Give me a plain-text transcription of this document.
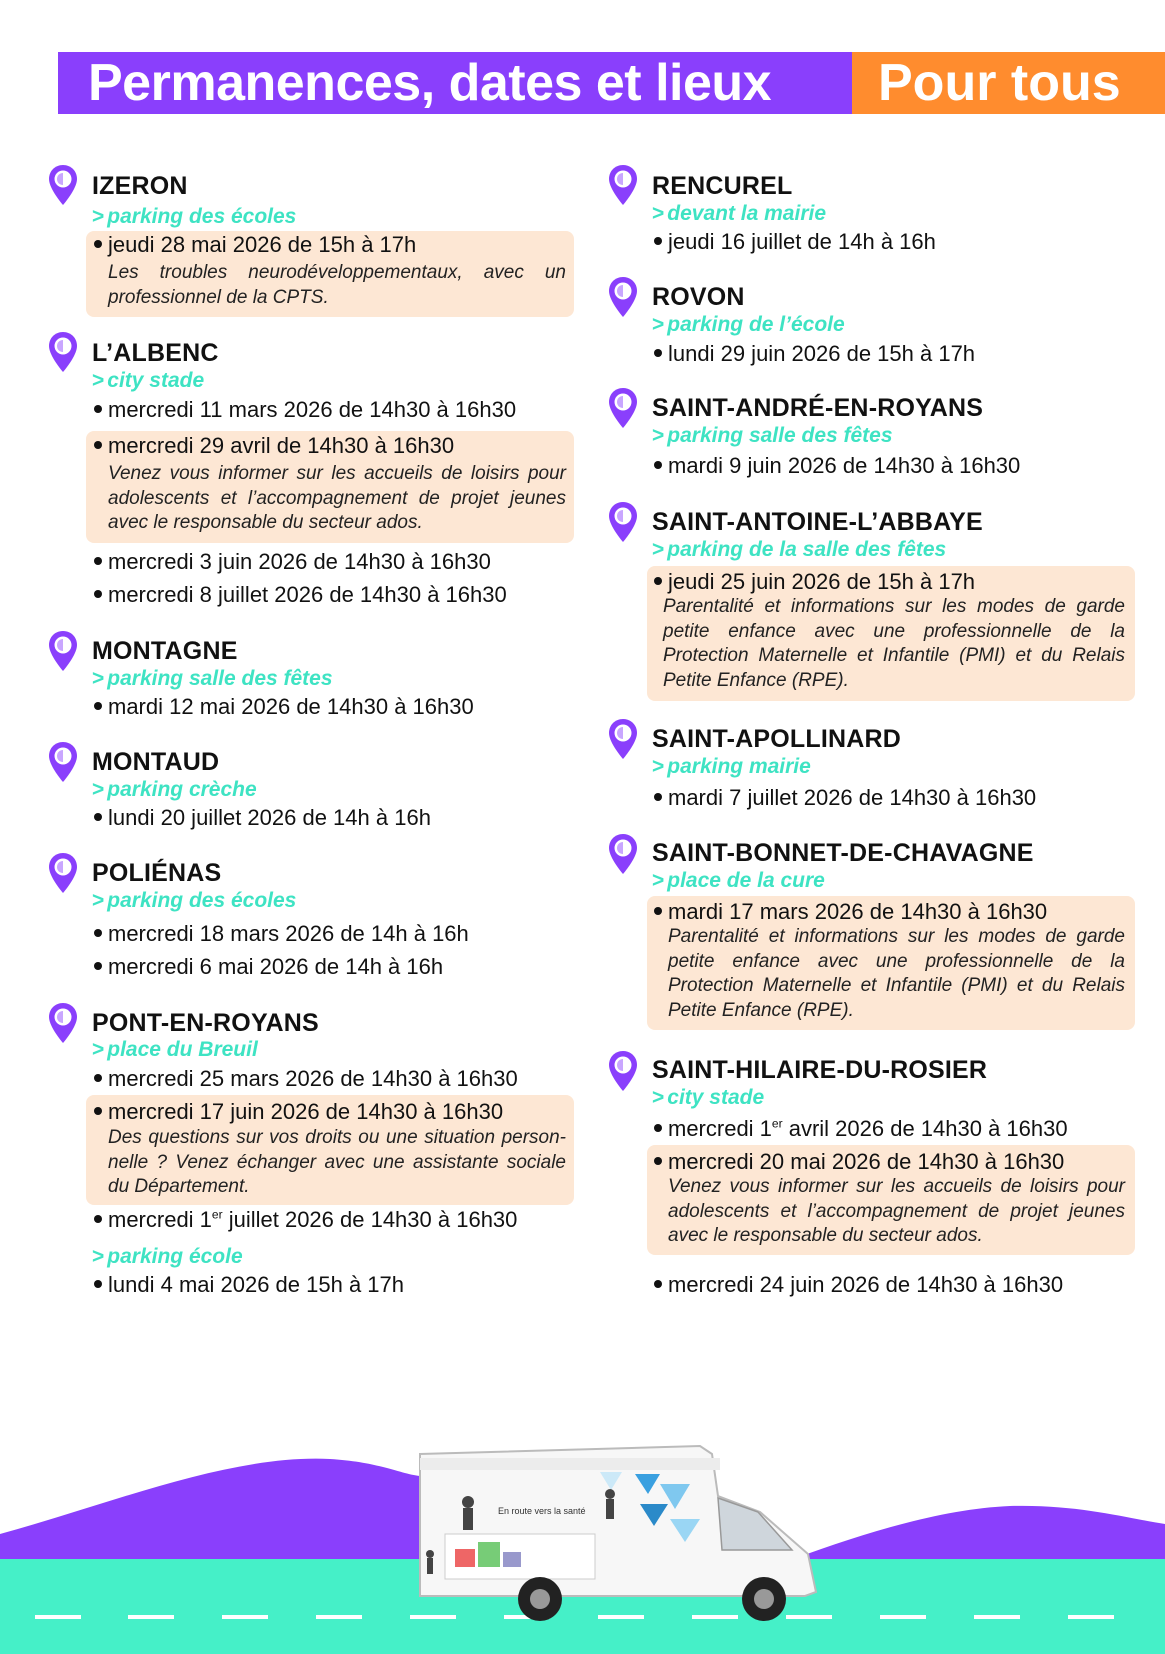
Permanences, dates et lieux	Pour tous
IZERON
> parking des écoles
jeudi 28 mai 2026 de 15h à 17h
Les troubles neurodéveloppementaux, avec un professionnel de la CPTS.
L’ALBENC
> city stade
mercredi 11 mars 2026 de 14h30 à 16h30
mercredi 29 avril de 14h30 à 16h30
Venez vous informer sur les accueils de loisirs pour adolescents et l’accompagnement de projet jeunes avec le responsable du secteur ados.
mercredi 3 juin 2026 de 14h30 à 16h30
mercredi 8 juillet 2026 de 14h30 à 16h30
MONTAGNE
> parking salle des fêtes
mardi 12 mai 2026 de 14h30 à 16h30
MONTAUD
> parking crèche
lundi 20 juillet 2026 de 14h à 16h
POLIÉNAS
> parking des écoles
mercredi 18 mars 2026 de 14h à 16h
mercredi 6 mai 2026 de 14h à 16h
PONT-EN-ROYANS
> place du Breuil
mercredi 25 mars 2026 de 14h30 à 16h30
mercredi 17 juin 2026 de 14h30 à 16h30
Des questions sur vos droits ou une situation person-nelle ? Venez échanger avec une assistante sociale du Département.
mercredi 1er juillet 2026 de 14h30 à 16h30
> parking école
lundi 4 mai 2026 de 15h à 17h
RENCUREL
> devant la mairie
jeudi 16 juillet de 14h à 16h
ROVON
> parking de l’école
lundi 29 juin 2026 de 15h à 17h
SAINT-ANDRÉ-EN-ROYANS
> parking salle des fêtes
mardi 9 juin 2026 de 14h30 à 16h30
SAINT-ANTOINE-L’ABBAYE
> parking de la salle des fêtes
jeudi 25 juin 2026 de 15h à 17h
Parentalité et informations sur les modes de garde petite enfance avec une professionnelle de la Protection Maternelle et Infantile (PMI) et du Relais Petite Enfance (RPE).
SAINT-APOLLINARD
> parking mairie
mardi 7 juillet 2026 de 14h30 à 16h30
SAINT-BONNET-DE-CHAVAGNE
> place de la cure
mardi 17 mars 2026 de 14h30 à 16h30
Parentalité et informations sur les modes de garde petite enfance avec une professionnelle de la Protection Maternelle et Infantile (PMI) et du Relais Petite Enfance (RPE).
SAINT-HILAIRE-DU-ROSIER
> city stade
mercredi 1er avril 2026 de 14h30 à 16h30
mercredi 20 mai 2026 de 14h30 à 16h30
Venez vous informer sur les accueils de loisirs pour adolescents et l’accompagnement de projet jeunes avec le responsable du secteur ados.
mercredi 24 juin 2026 de 14h30 à 16h30
En route vers la santé
